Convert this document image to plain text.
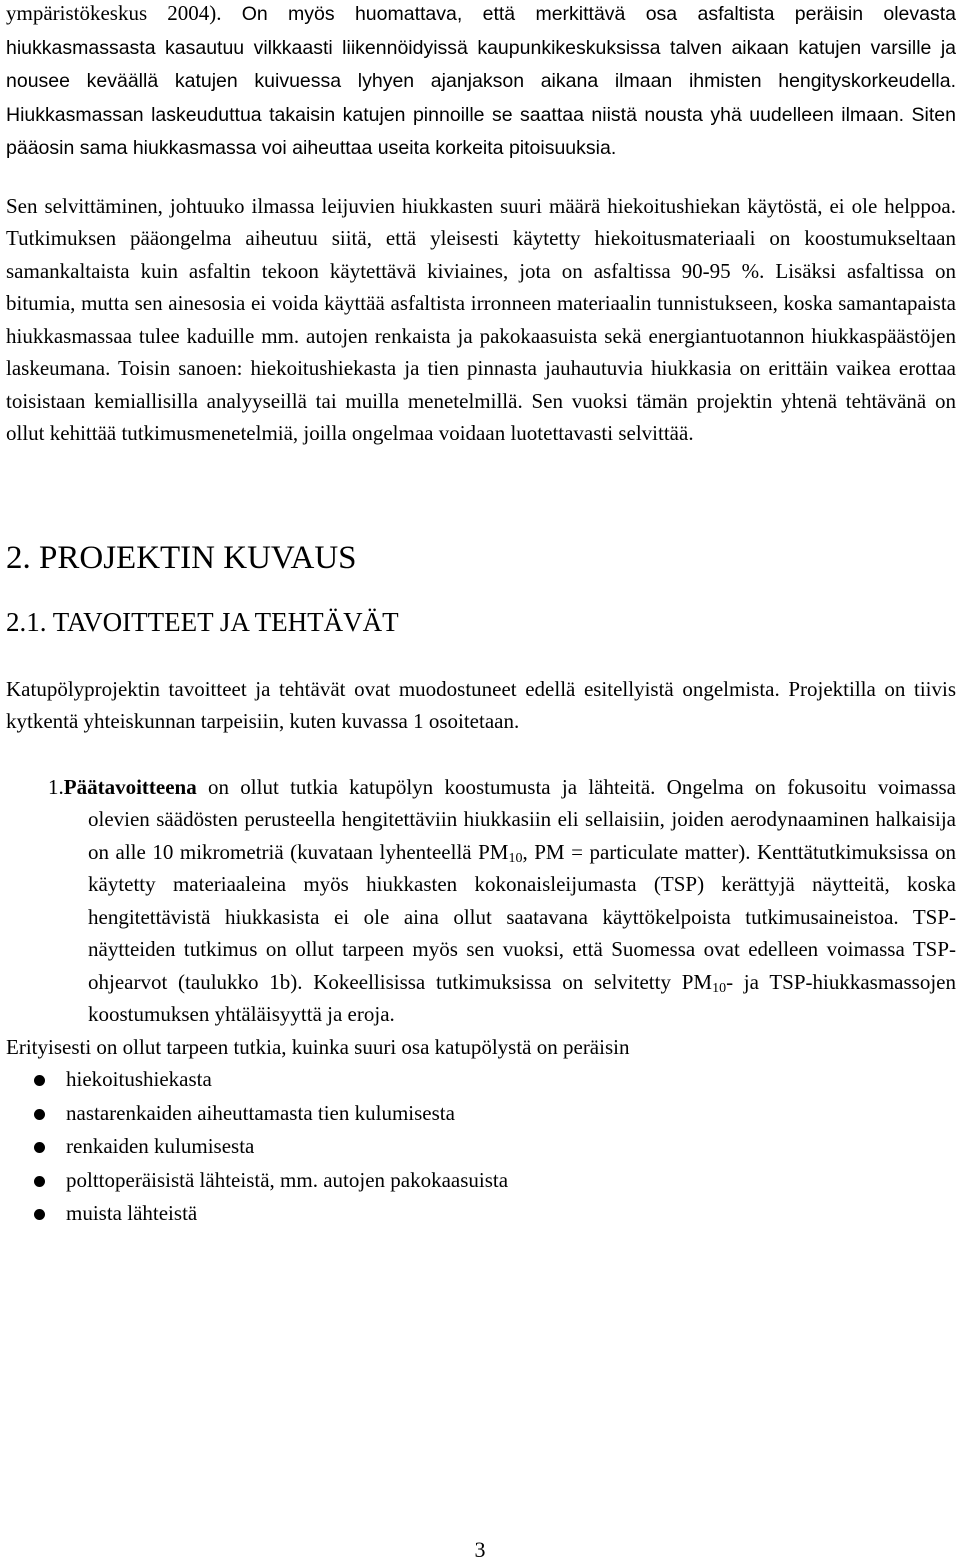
ympäristökeskus 2004). On myös huomattava, että merkittävä osa asfaltista peräisin olevasta hiukkasmassasta kasautuu vilkkaasti liikennöidyissä kaupunkikeskuksissa talven aikaan katujen varsille ja nousee keväällä katujen kuivuessa lyhyen ajanjakson aikana ilmaan ihmisten hengityskorkeudella. Hiukkasmassan laskeuduttua takaisin katujen pinnoille se saattaa niistä nousta yhä uudelleen ilmaan. Siten pääosin sama hiukkasmassa voi aiheuttaa useita korkeita pitoisuuksia.

Sen selvittäminen, johtuuko ilmassa leijuvien hiukkasten suuri määrä hiekoitushiekan käytöstä, ei ole helppoa. Tutkimuksen pääongelma aiheutuu siitä, että yleisesti käytetty hiekoitusmateriaali on koostumukseltaan samankaltaista kuin asfaltin tekoon käytettävä kiviaines, jota on asfaltissa 90-95 %. Lisäksi asfaltissa on bitumia, mutta sen ainesosia ei voida käyttää asfaltista irronneen materiaalin tunnistukseen, koska samantapaista hiukkasmassaa tulee kaduille mm. autojen renkaista ja pakokaasuista sekä energiantuotannon hiukkaspäästöjen laskeumana. Toisin sanoen: hiekoitushiekasta ja tien pinnasta jauhautuvia hiukkasia on erittäin vaikea erottaa toisistaan kemiallisilla analyyseillä tai muilla menetelmillä. Sen vuoksi tämän projektin yhtenä tehtävänä on ollut kehittää tutkimusmenetelmiä, joilla ongelmaa voidaan luotettavasti selvittää.

2. PROJEKTIN KUVAUS
2.1. TAVOITTEET JA TEHTÄVÄT

Katupölyprojektin tavoitteet ja tehtävät ovat muodostuneet edellä esitellyistä ongelmista. Projektilla on tiivis kytkentä yhteiskunnan tarpeisiin, kuten kuvassa 1 osoitetaan.

1.Päätavoitteena on ollut tutkia katupölyn koostumusta ja lähteitä. Ongelma on fokusoitu voimassa olevien säädösten perusteella hengitettäviin hiukkasiin eli sellaisiin, joiden aerodynaaminen halkaisija on alle 10 mikrometriä (kuvataan lyhenteellä $PM_{10}$, PM = particulate matter). Kenttätutkimuksissa on käytetty materiaaleina myös hiukkasten kokonaisleijumasta (TSP) kerättyjä näytteitä, koska hengitettävistä hiukkasista ei ole aina ollut saatavana käyttökelpoista tutkimusaineistoa. TSP-näytteiden tutkimus on ollut tarpeen myös sen vuoksi, että Suomessa ovat edelleen voimassa TSP-ohjearvot (taulukko 1b). Kokeellisissa tutkimuksissa on selvitetty $PM_{10}-$ ja TSP-hiukkasmassojen koostumuksen yhtäläisyyttä ja eroja.

Erityisesti on ollut tarpeen tutkia, kuinka suuri osa katupölystä on peräisin

hiekoitushiekasta
nastarenkaiden aiheuttamasta tien kulumisesta
renkaiden kulumisesta
polttoperäisistä lähteistä, mm. autojen pakokaasuista
muista lähteistä
3
